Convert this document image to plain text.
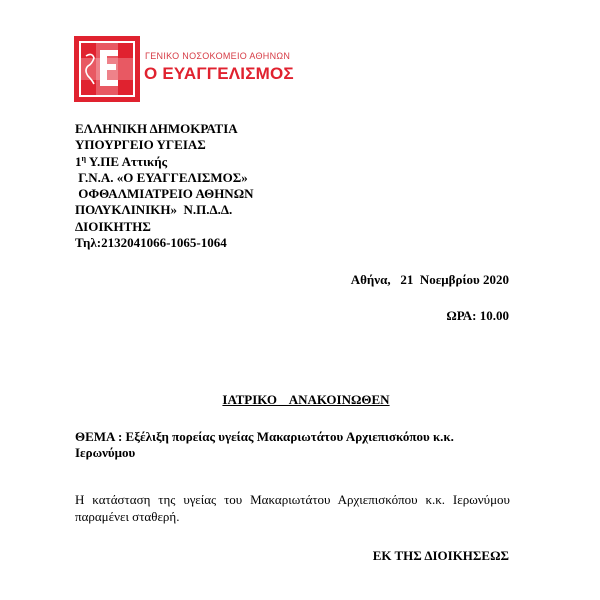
ΓΕΝΙΚΟ ΝΟΣΟΚΟΜΕΙΟ ΑΘΗΝΩΝ
Ο ΕΥΑΓΓΕΛΙΣΜΟΣ
ΕΛΛΗΝΙΚΗ ΔΗΜΟΚΡΑΤΙΑ
ΥΠΟΥΡΓΕΙΟ ΥΓΕΙΑΣ
$1^\eta$ Υ.ΠΕ Αττικής
Γ.Ν.Α. «Ο ΕΥΑΓΓΕΛΙΣΜΟΣ»
ΟΦΘΑΛΜΙΑΤΡΕΙΟ ΑΘΗΝΩΝ
ΠΟΛΥΚΛΙΝΙΚΗ»  Ν.Π.Δ.Δ.
ΔΙΟΙΚΗΤΗΣ
Τηλ:2132041066-1065-1064
Αθήνα,   21  Νοεμβρίου 2020
ΩΡΑ: 10.00
ΙΑΤΡΙΚΟ  ΑΝΑΚΟΙΝΩΘΕΝ
ΘΕΜΑ : Εξέλιξη πορείας υγείας Μακαριωτάτου Αρχιεπισκόπου κ.κ. Ιερωνύμου
Η κατάσταση της υγείας του Μακαριωτάτου Αρχιεπισκόπου κ.κ. Ιερωνύμου παραμένει σταθερή.
ΕΚ ΤΗΣ ΔΙΟΙΚΗΣΕΩΣ
